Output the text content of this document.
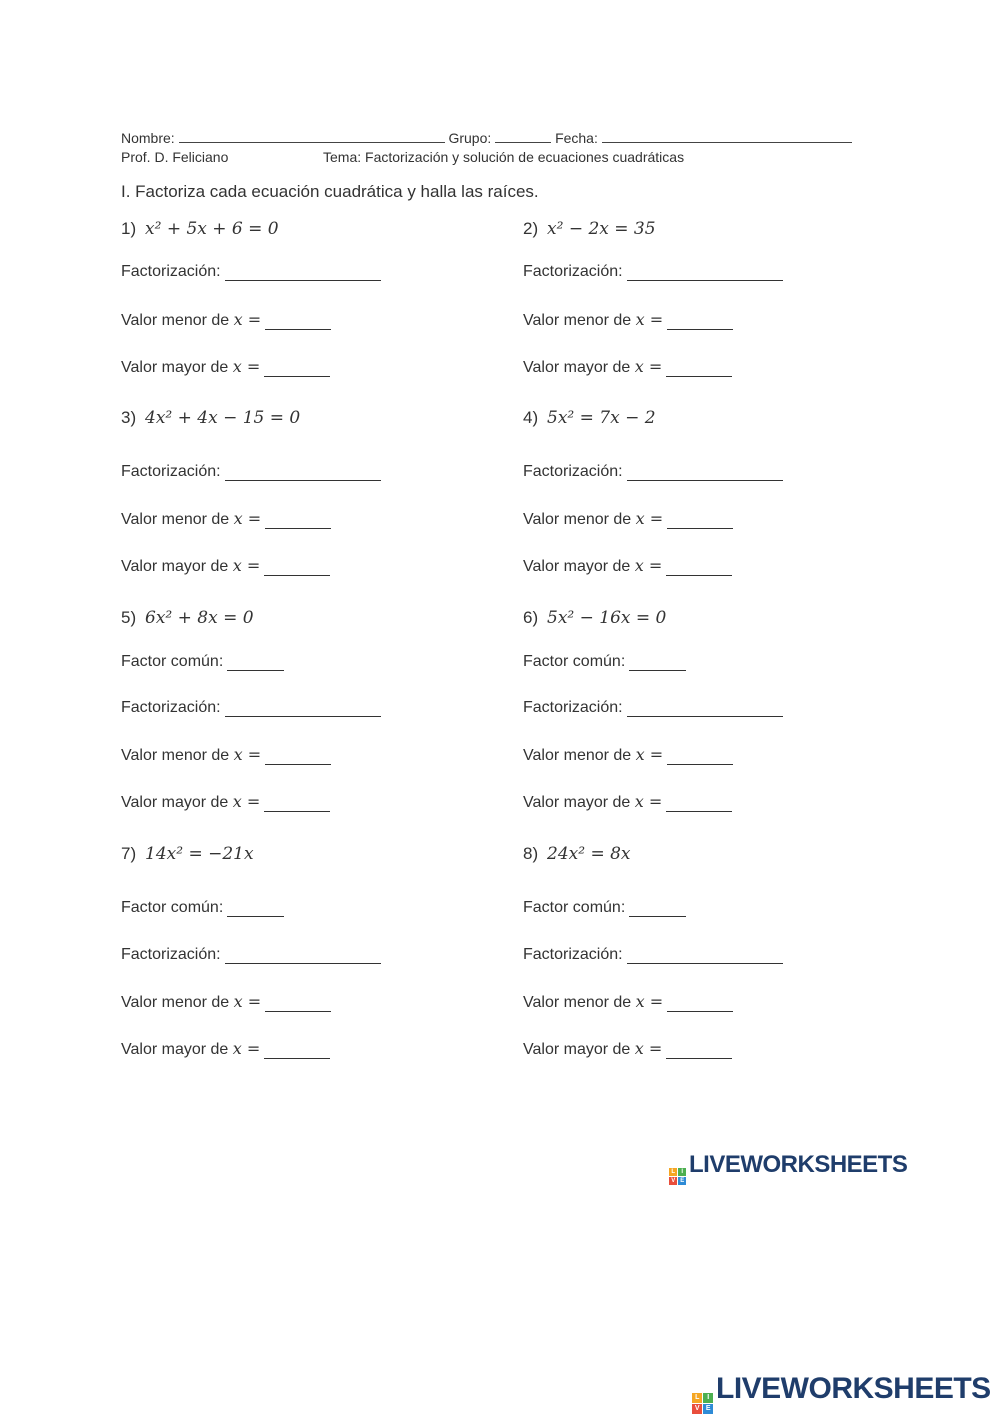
Nombre:	Grupo:	Fecha:
Prof. D. Feliciano	Tema: Factorización y solución de ecuaciones cuadráticas
I. Factoriza cada ecuación cuadrática y halla las raíces.
1) x² + 5x + 6 = 0
Factorización:
Valor menor de x =
Valor mayor de x =
2) x² − 2x = 35
Factorización:
Valor menor de x =
Valor mayor de x =
3) 4x² + 4x − 15 = 0
Factorización:
Valor menor de x =
Valor mayor de x =
4) 5x² = 7x − 2
Factorización:
Valor menor de x =
Valor mayor de x =
5) 6x² + 8x = 0
Factor común:
Factorización:
Valor menor de x =
Valor mayor de x =
6) 5x² − 16x = 0
Factor común:
Factorización:
Valor menor de x =
Valor mayor de x =
7) 14x² = −21x
Factor común:
Factorización:
Valor menor de x =
Valor mayor de x =
8) 24x² = 8x
Factor común:
Factorización:
Valor menor de x =
Valor mayor de x =
L	I
V E
LIVEWORKSHEETS
L	I
V E
LIVEWORKSHEETS
